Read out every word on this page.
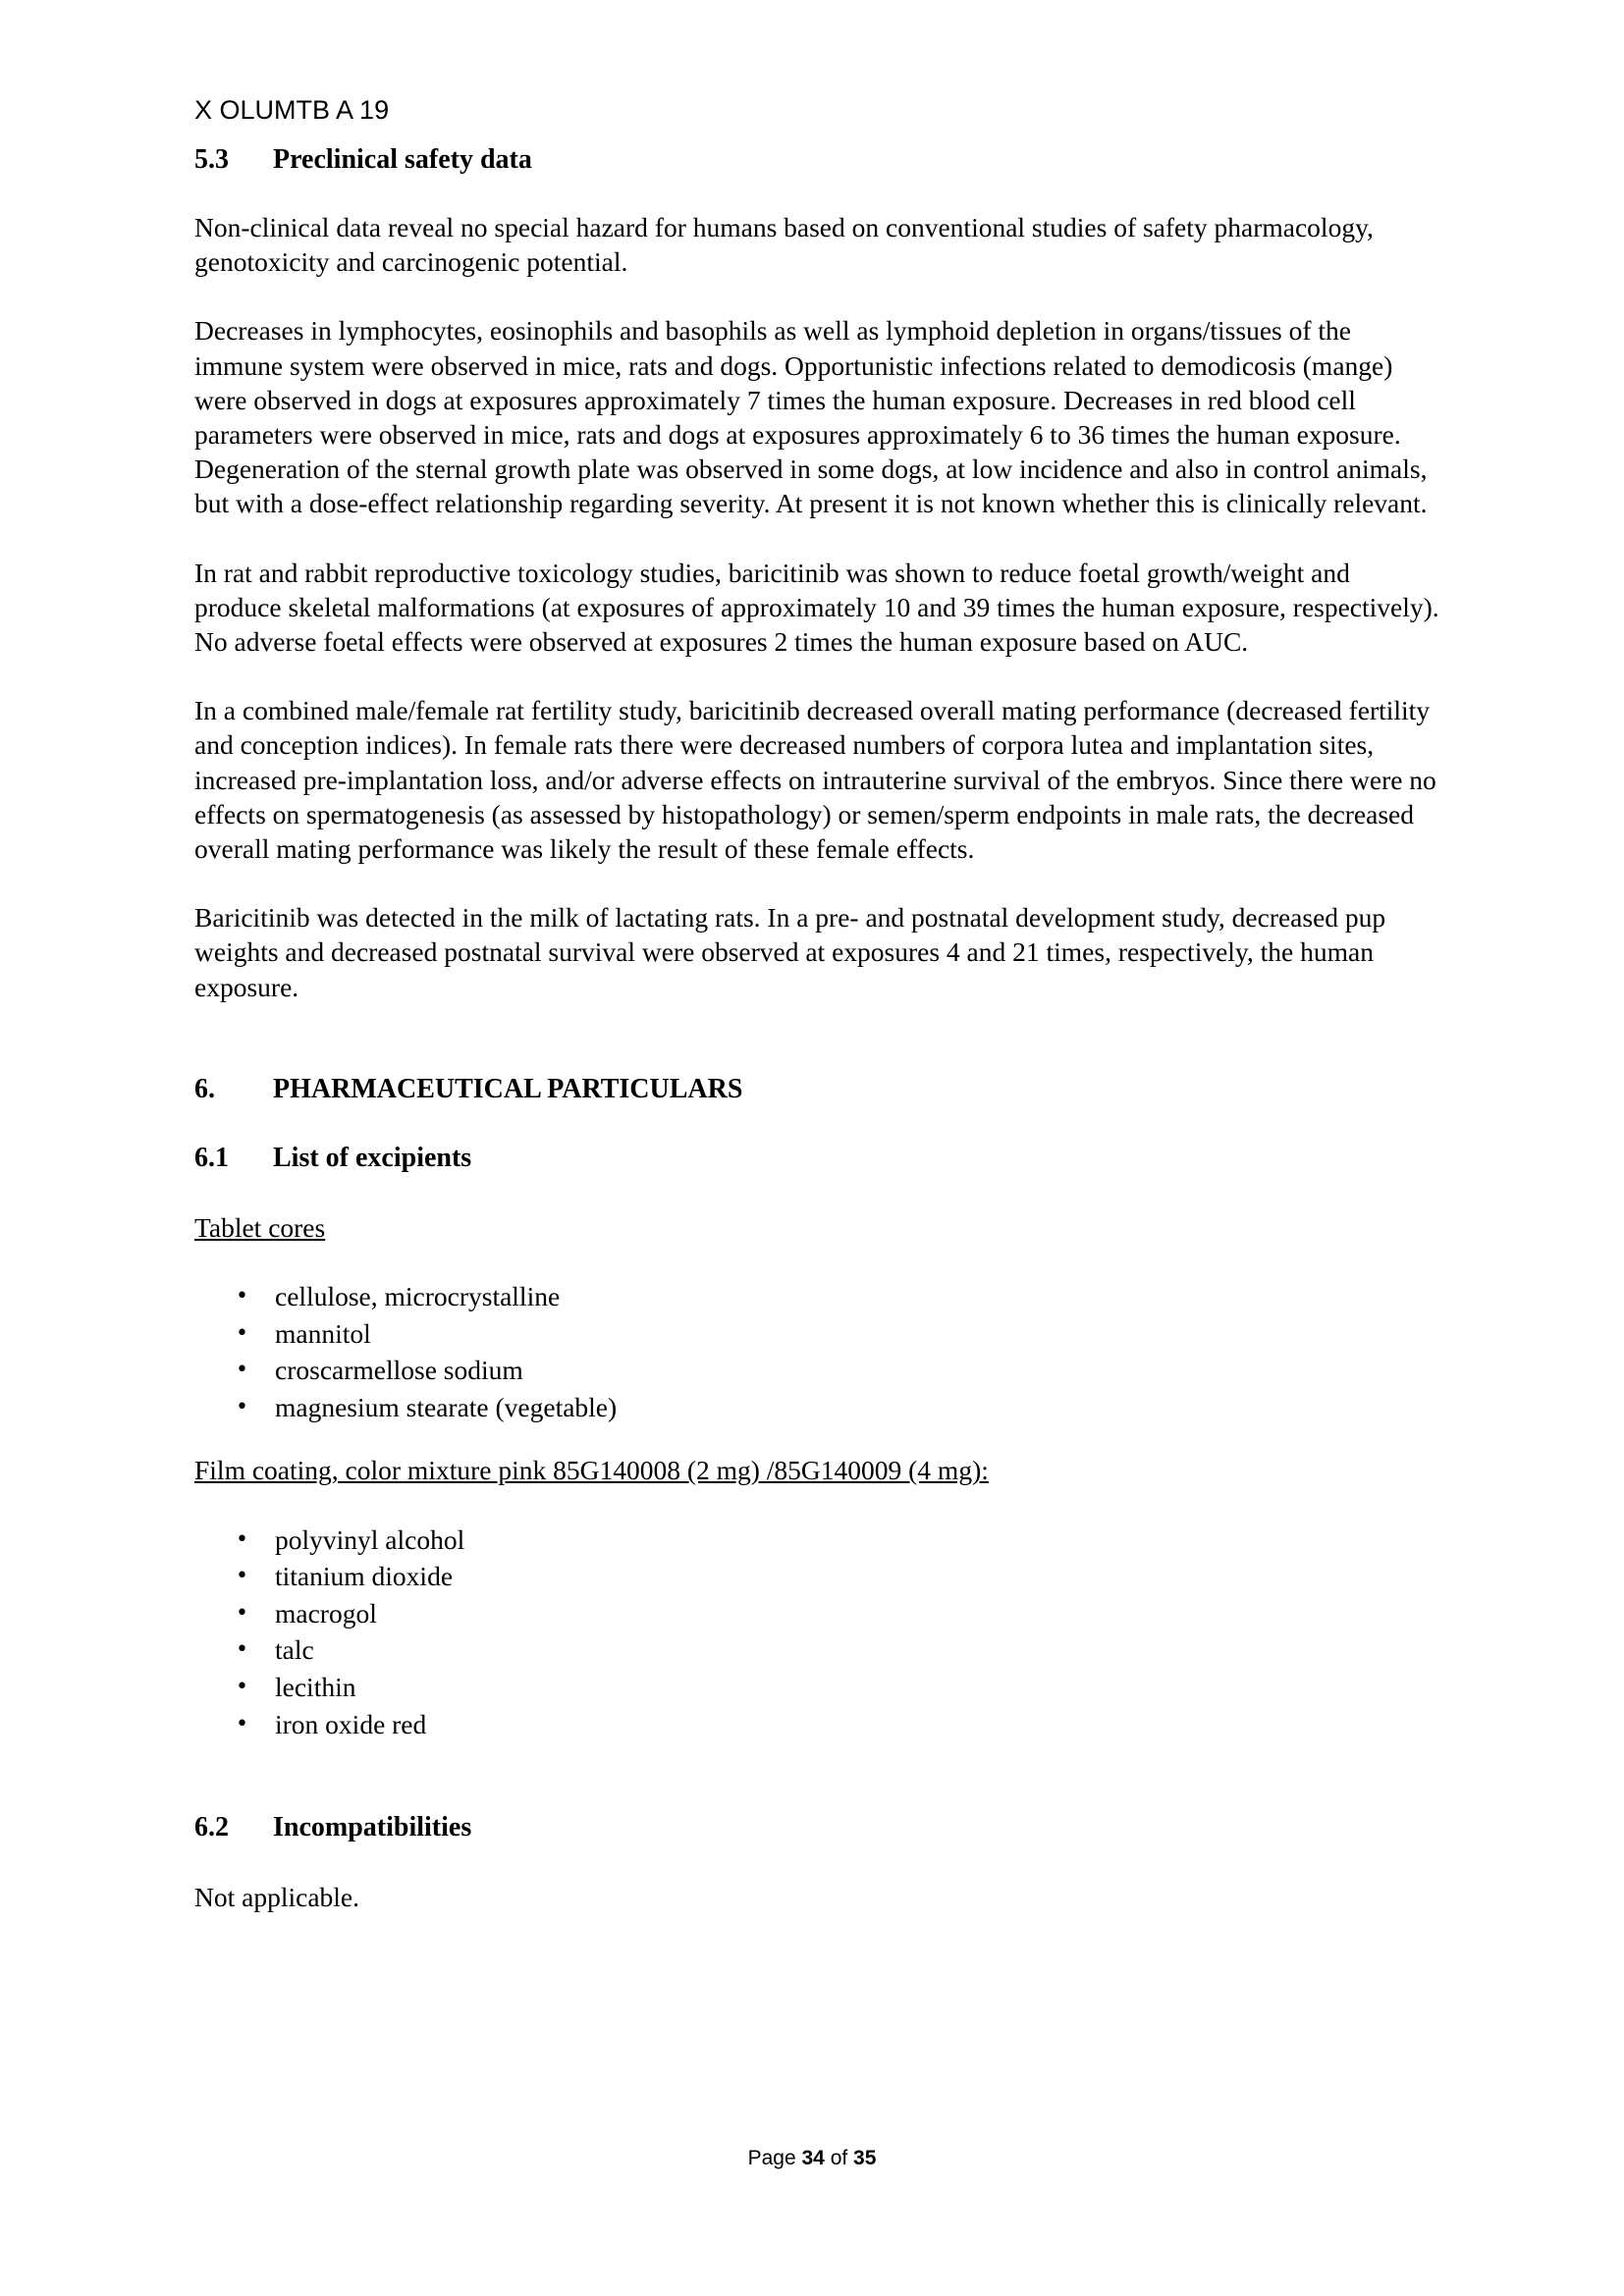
X OLUMTB A 19
5.3	Preclinical safety data

Non-clinical data reveal no special hazard for humans based on conventional studies of safety pharmacology, genotoxicity and carcinogenic potential.

Decreases in lymphocytes, eosinophils and basophils as well as lymphoid depletion in organs/tissues of the immune system were observed in mice, rats and dogs. Opportunistic infections related to demodicosis (mange) were observed in dogs at exposures approximately 7 times the human exposure. Decreases in red blood cell parameters were observed in mice, rats and dogs at exposures approximately 6 to 36 times the human exposure. Degeneration of the sternal growth plate was observed in some dogs, at low incidence and also in control animals, but with a dose-effect relationship regarding severity. At present it is not known whether this is clinically relevant.

In rat and rabbit reproductive toxicology studies, baricitinib was shown to reduce foetal growth/weight and produce skeletal malformations (at exposures of approximately 10 and 39 times the human exposure, respectively). No adverse foetal effects were observed at exposures 2 times the human exposure based on AUC.

In a combined male/female rat fertility study, baricitinib decreased overall mating performance (decreased fertility and conception indices). In female rats there were decreased numbers of corpora lutea and implantation sites, increased pre-implantation loss, and/or adverse effects on intrauterine survival of the embryos. Since there were no effects on spermatogenesis (as assessed by histopathology) or semen/sperm endpoints in male rats, the decreased overall mating performance was likely the result of these female effects.

Baricitinib was detected in the milk of lactating rats. In a pre- and postnatal development study, decreased pup weights and decreased postnatal survival were observed at exposures 4 and 21 times, respectively, the human exposure.

6.	PHARMACEUTICAL PARTICULARS
6.1	List of excipients

Tablet cores

• cellulose, microcrystalline
• mannitol
• croscarmellose sodium
• magnesium stearate (vegetable)

Film coating, color mixture pink 85G140008 (2 mg) /85G140009 (4 mg):

• polyvinyl alcohol
• titanium dioxide
• macrogol
• talc
• lecithin
• iron oxide red
6.2	Incompatibilities

Not applicable.

Page 34 of 35
